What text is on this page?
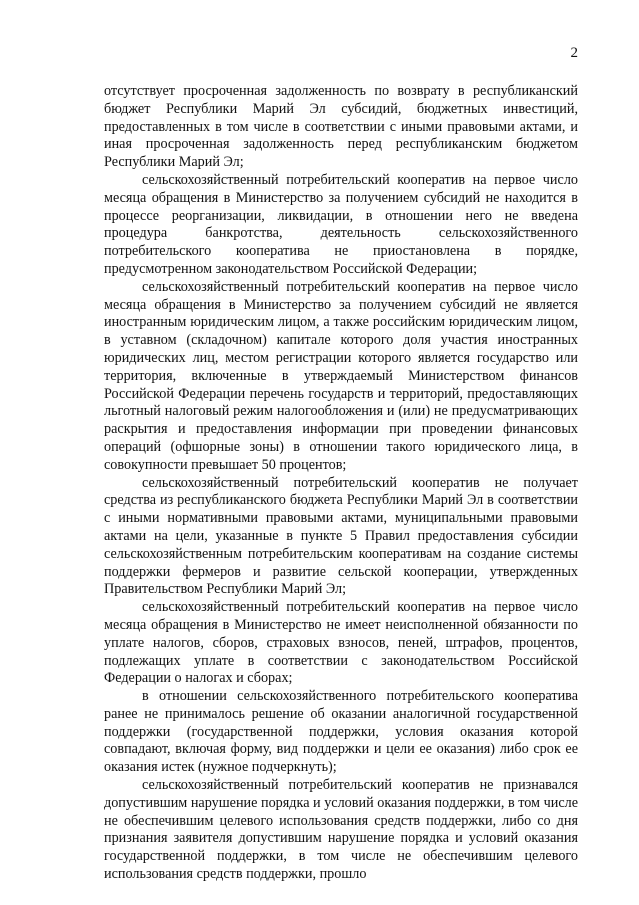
2

отсутствует просроченная задолженность по возврату в республиканский бюджет Республики Марий Эл субсидий, бюджетных инвестиций, предоставленных в том числе в соответствии с иными правовыми актами, и иная просроченная задолженность перед республиканским бюджетом Республики Марий Эл;

сельскохозяйственный потребительский кооператив на первое число месяца обращения в Министерство за получением субсидий не находится в процессе реорганизации, ликвидации, в отношении него не введена процедура банкротства, деятельность сельскохозяйственного потребительского кооператива не приостановлена в порядке, предусмотренном законодательством Российской Федерации;

сельскохозяйственный потребительский кооператив на первое число месяца обращения в Министерство за получением субсидий не является иностранным юридическим лицом, а также российским юридическим лицом, в уставном (складочном) капитале которого доля участия иностранных юридических лиц, местом регистрации которого является государство или территория, включенные в утверждаемый Министерством финансов Российской Федерации перечень государств и территорий, предоставляющих льготный налоговый режим налогообложения и (или) не предусматривающих раскрытия и предоставления информации при проведении финансовых операций (офшорные зоны) в отношении такого юридического лица, в совокупности превышает 50 процентов;

сельскохозяйственный потребительский кооператив не получает средства из республиканского бюджета Республики Марий Эл в соответствии с иными нормативными правовыми актами, муниципальными правовыми актами на цели, указанные в пункте 5 Правил предоставления субсидии сельскохозяйственным потребительским кооперативам на создание системы поддержки фермеров и развитие сельской кооперации, утвержденных Правительством Республики Марий Эл;

сельскохозяйственный потребительский кооператив на первое число месяца обращения в Министерство не имеет неисполненной обязанности по уплате налогов, сборов, страховых взносов, пеней, штрафов, процентов, подлежащих уплате в соответствии с законодательством Российской Федерации о налогах и сборах;

в отношении сельскохозяйственного потребительского кооператива ранее не принималось решение об оказании аналогичной государственной поддержки (государственной поддержки, условия оказания которой совпадают, включая форму, вид поддержки и цели ее оказания) либо срок ее оказания истек (нужное подчеркнуть);

сельскохозяйственный потребительский кооператив не признавался допустившим нарушение порядка и условий оказания поддержки, в том числе не обеспечившим целевого использования средств поддержки, либо со дня признания заявителя допустившим нарушение порядка и условий оказания государственной поддержки, в том числе не обеспечившим целевого использования средств поддержки, прошло
